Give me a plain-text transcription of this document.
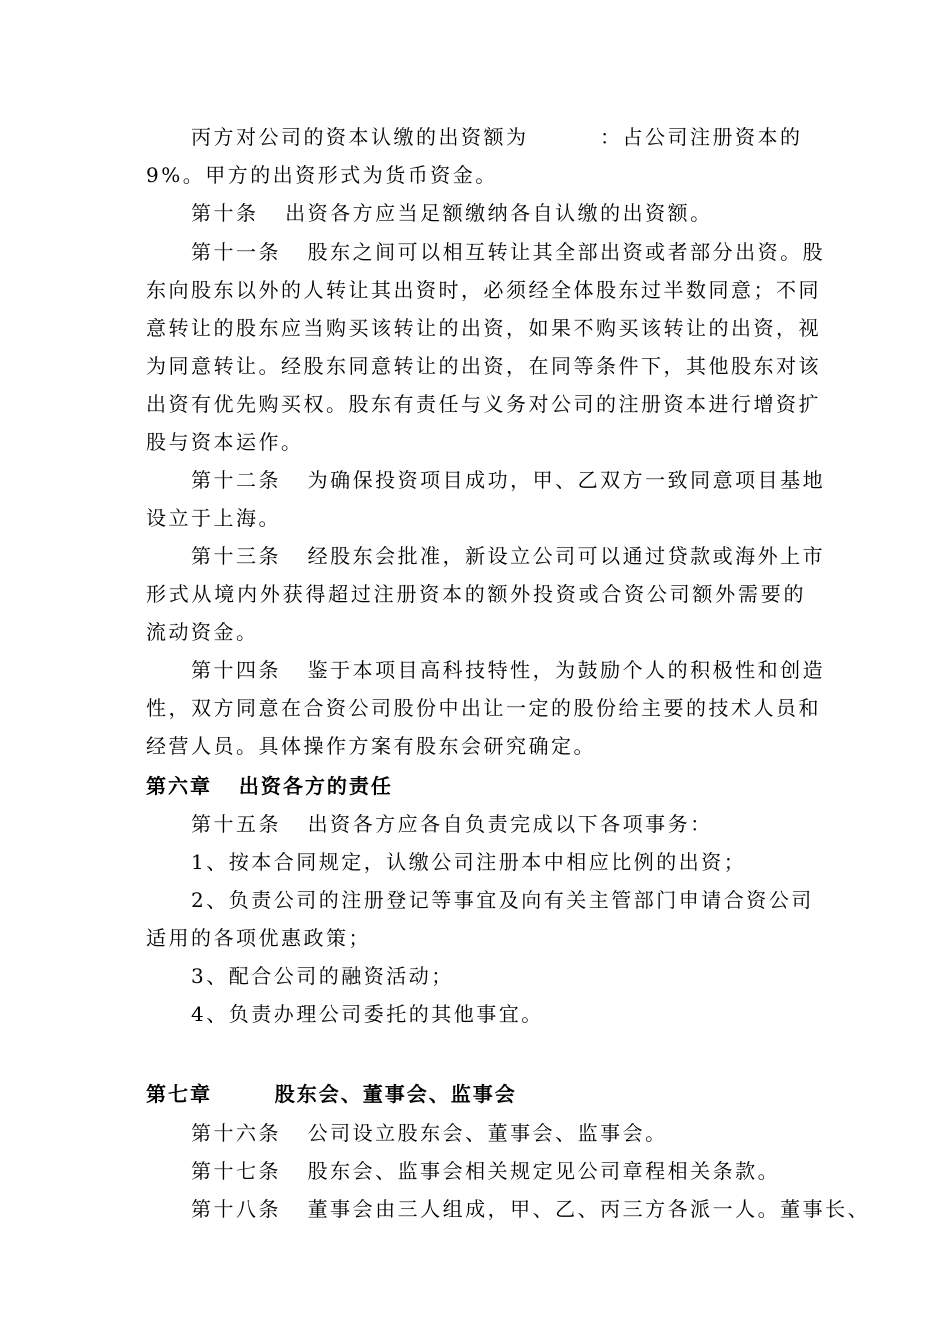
丙方对公司的资本认缴的出资额为	：占公司注册资本的
9%。甲方的出资形式为货币资金。
第十条   出资各方应当足额缴纳各自认缴的出资额。
第十一条   股东之间可以相互转让其全部出资或者部分出资。股
东向股东以外的人转让其出资时，必须经全体股东过半数同意；不同
意转让的股东应当购买该转让的出资，如果不购买该转让的出资，视
为同意转让。经股东同意转让的出资，在同等条件下，其他股东对该
出资有优先购买权。股东有责任与义务对公司的注册资本进行增资扩
股与资本运作。
第十二条   为确保投资项目成功，甲、乙双方一致同意项目基地
设立于上海。
第十三条   经股东会批准，新设立公司可以通过贷款或海外上市
形式从境内外获得超过注册资本的额外投资或合资公司额外需要的
流动资金。
第十四条   鉴于本项目高科技特性，为鼓励个人的积极性和创造
性，双方同意在合资公司股份中出让一定的股份给主要的技术人员和
经营人员。具体操作方案有股东会研究确定。
第六章   出资各方的责任
第十五条   出资各方应各自负责完成以下各项事务：
1、按本合同规定，认缴公司注册本中相应比例的出资；
2、负责公司的注册登记等事宜及向有关主管部门申请合资公司
适用的各项优惠政策；
3、配合公司的融资活动；
4、负责办理公司委托的其他事宜。
第七章       股东会、董事会、监事会
第十六条   公司设立股东会、董事会、监事会。
第十七条   股东会、监事会相关规定见公司章程相关条款。
第十八条   董事会由三人组成，甲、乙、丙三方各派一人。董事长、
